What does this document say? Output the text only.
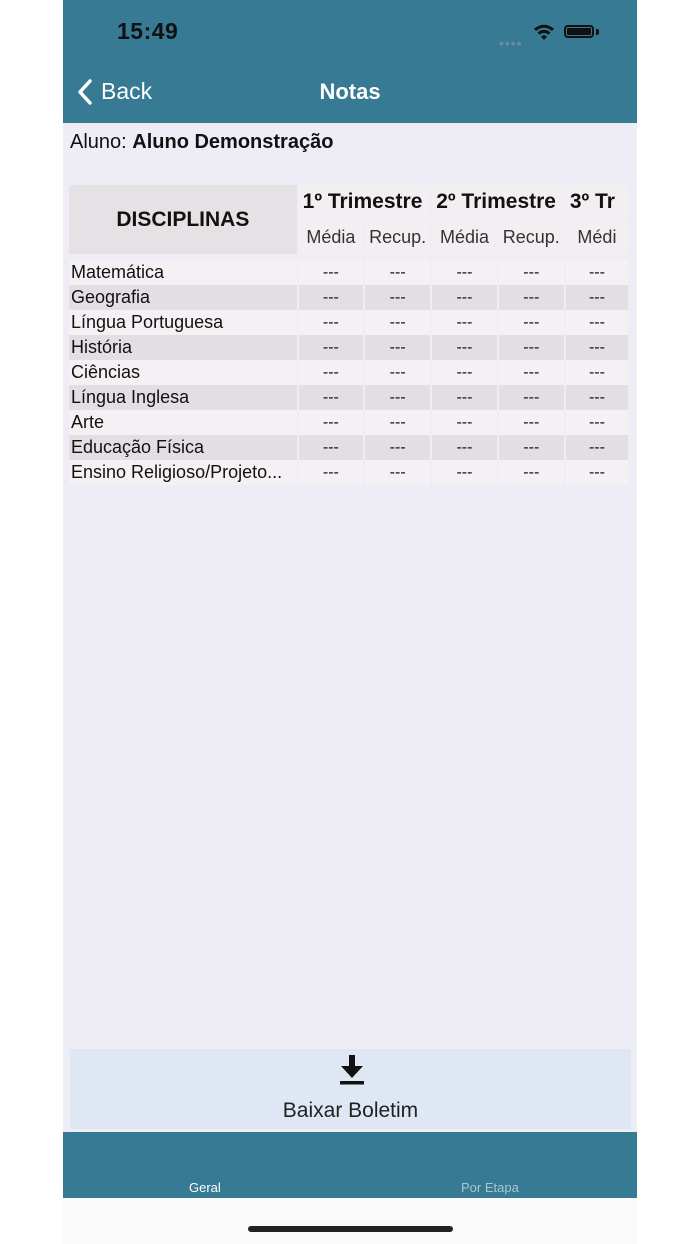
15:49	••••
Back	Notas
Aluno: Aluno Demonstração
DISCIPLINAS	1º Trimestre		2º Trimestre		3º Tr
	Média	Recup.	Média	Recup.	Médi

Matemática	---	---	---	---	---
Geografia	---	---	---	---	---
Língua Portuguesa	---	---	---	---	---
História	---	---	---	---	---
Ciências	---	---	---	---	---
Língua Inglesa	---	---	---	---	---
Arte	---	---	---	---	---
Educação Física	---	---	---	---	---
Ensino Religioso/Projeto...	---	---	---	---	---
Baixar Boletim
Geral	Por Etapa
